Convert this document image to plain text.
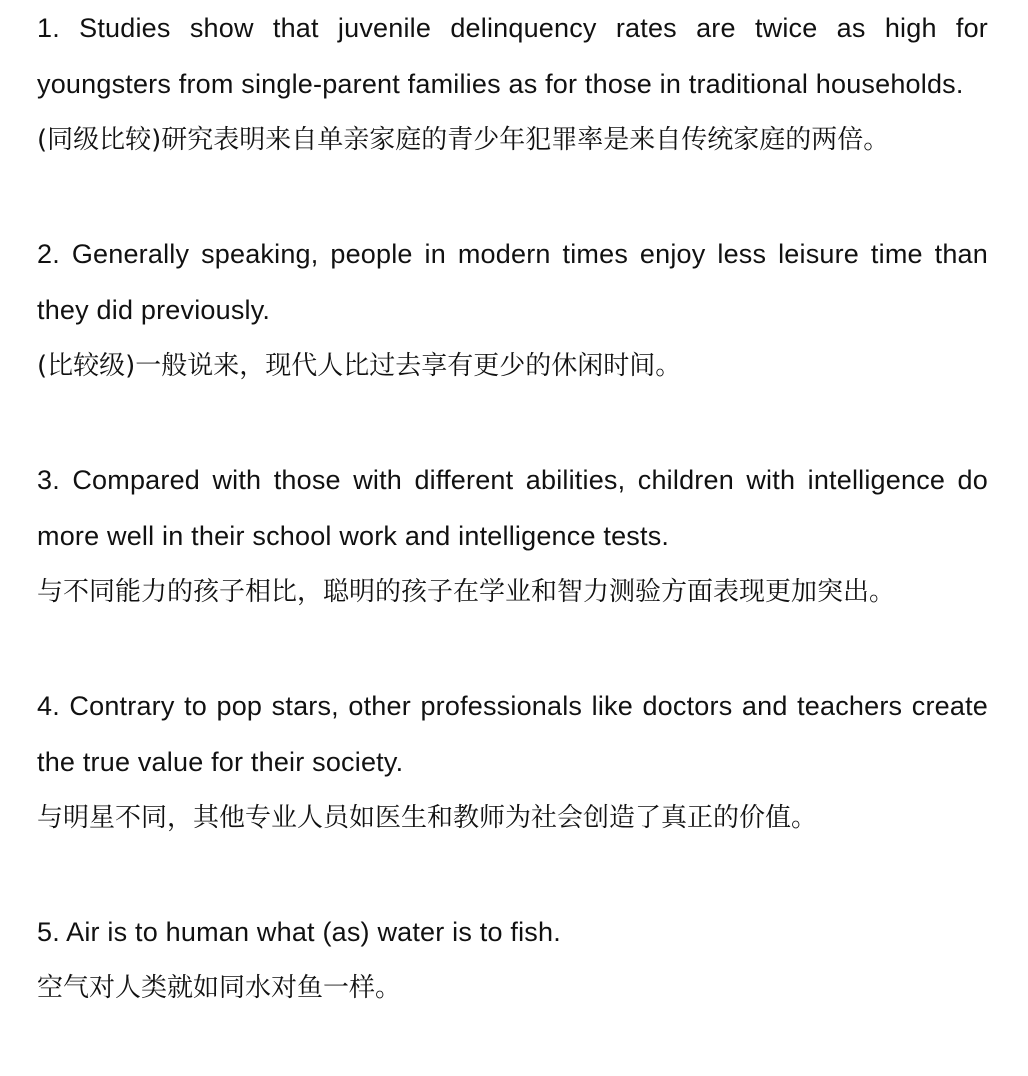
1. Studies show that juvenile delinquency rates are twice as high for youngsters from single-parent families as for those in traditional households.
(同级比较)研究表明来自单亲家庭的青少年犯罪率是来自传统家庭的两倍。
2. Generally speaking, people in modern times enjoy less leisure time than they did previously.
(比较级)一般说来，现代人比过去享有更少的休闲时间。
3. Compared with those with different abilities, children with intelligence do more well in their school work and intelligence tests.
与不同能力的孩子相比，聪明的孩子在学业和智力测验方面表现更加突出。
4. Contrary to pop stars, other professionals like doctors and teachers create the true value for their society.
与明星不同，其他专业人员如医生和教师为社会创造了真正的价值。
5. Air is to human what (as) water is to fish.
空气对人类就如同水对鱼一样。
